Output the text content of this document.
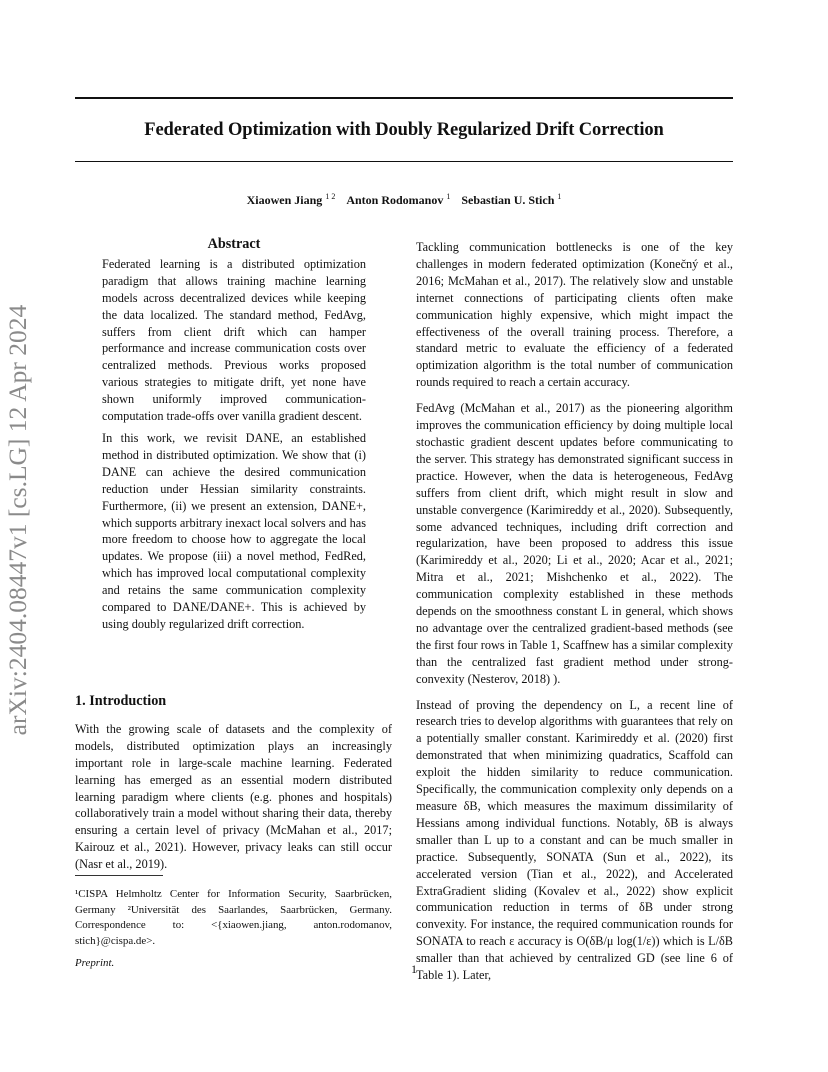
Federated Optimization with Doubly Regularized Drift Correction
Xiaowen Jiang $^{1 2}$ Anton Rodomanov $^1$ Sebastian U. Stich $^1$
arXiv:2404.08447v1 [cs.LG] 12 Apr 2024
Abstract

Federated learning is a distributed optimization paradigm that allows training machine learning models across decentralized devices while keeping the data localized. The standard method, FedAvg, suffers from client drift which can hamper performance and increase communication costs over centralized methods. Previous works proposed various strategies to mitigate drift, yet none have shown uniformly improved communication-computation trade-offs over vanilla gradient descent.

In this work, we revisit DANE, an established method in distributed optimization. We show that (i) DANE can achieve the desired communication reduction under Hessian similarity constraints. Furthermore, (ii) we present an extension, DANE+, which supports arbitrary inexact local solvers and has more freedom to choose how to aggregate the local updates. We propose (iii) a novel method, FedRed, which has improved local computational complexity and retains the same communication complexity compared to DANE/DANE+. This is achieved by using doubly regularized drift correction.

1. Introduction

With the growing scale of datasets and the complexity of models, distributed optimization plays an increasingly important role in large-scale machine learning. Federated learning has emerged as an essential modern distributed learning paradigm where clients (e.g. phones and hospitals) collaboratively train a model without sharing their data, thereby ensuring a certain level of privacy (McMahan et al., 2017; Kairouz et al., 2021). However, privacy leaks can still occur (Nasr et al., 2019).

¹CISPA Helmholtz Center for Information Security, Saarbrücken, Germany ²Universität des Saarlandes, Saarbrücken, Germany. Correspondence to: <{xiaowen.jiang, anton.rodomanov, stich}@cispa.de>.
Preprint.

Tackling communication bottlenecks is one of the key challenges in modern federated optimization (Konečný et al., 2016; McMahan et al., 2017). The relatively slow and unstable internet connections of participating clients often make communication highly expensive, which might impact the effectiveness of the overall training process. Therefore, a standard metric to evaluate the efficiency of a federated optimization algorithm is the total number of communication rounds required to reach a certain accuracy.

FedAvg (McMahan et al., 2017) as the pioneering algorithm improves the communication efficiency by doing multiple local stochastic gradient descent updates before communicating to the server. This strategy has demonstrated significant success in practice. However, when the data is heterogeneous, FedAvg suffers from client drift, which might result in slow and unstable convergence (Karimireddy et al., 2020). Subsequently, some advanced techniques, including drift correction and regularization, have been proposed to address this issue (Karimireddy et al., 2020; Li et al., 2020; Acar et al., 2021; Mitra et al., 2021; Mishchenko et al., 2022). The communication complexity established in these methods depends on the smoothness constant L in general, which shows no advantage over the centralized gradient-based methods (see the first four rows in Table 1, Scaffnew has a similar complexity than the centralized fast gradient method under strong-convexity (Nesterov, 2018) ).

Instead of proving the dependency on L, a recent line of research tries to develop algorithms with guarantees that rely on a potentially smaller constant. Karimireddy et al. (2020) first demonstrated that when minimizing quadratics, Scaffold can exploit the hidden similarity to reduce communication. Specifically, the communication complexity only depends on a measure δB, which measures the maximum dissimilarity of Hessians among individual functions. Notably, δB is always smaller than L up to a constant and can be much smaller in practice. Subsequently, SONATA (Sun et al., 2022), its accelerated version (Tian et al., 2022), and Accelerated ExtraGradient sliding (Kovalev et al., 2022) show explicit communication reduction in terms of δB under strong convexity. For instance, the required communication rounds for SONATA to reach ε accuracy is O(δB/μ log(1/ε)) which is L/δB smaller than that achieved by centralized GD (see line 6 of Table 1). Later,

1
